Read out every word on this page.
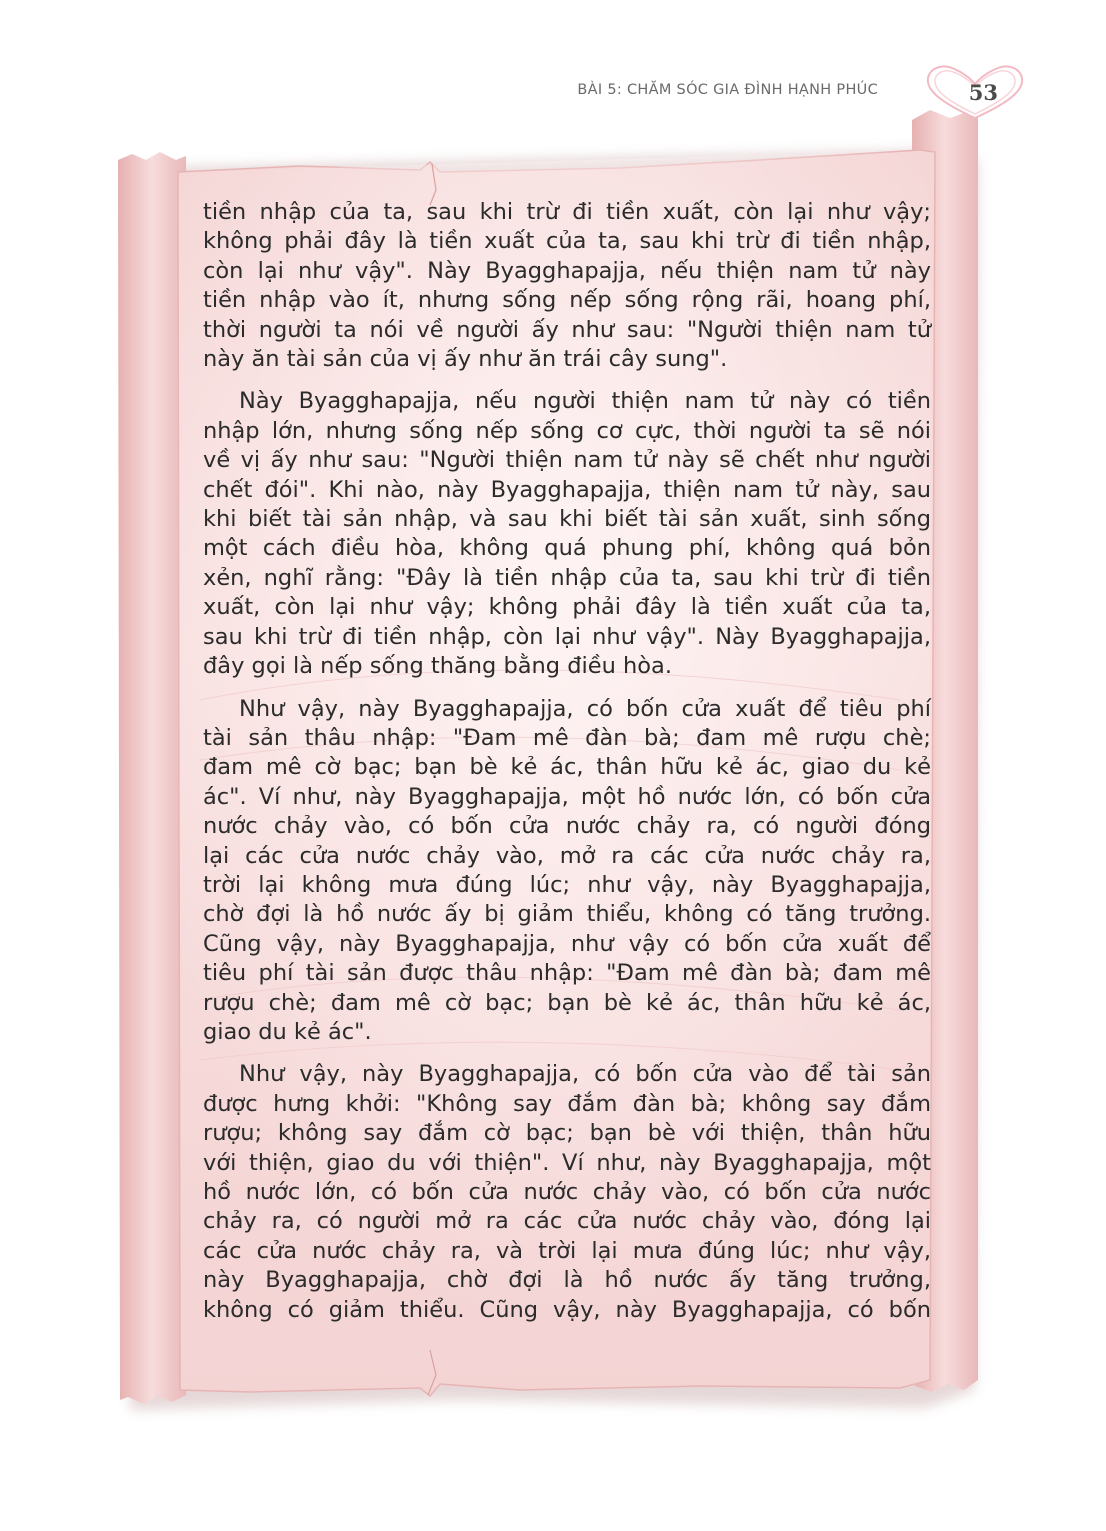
BÀI 5: CHĂM SÓC GIA ĐÌNH HẠNH PHÚC	53

tiền nhập của ta, sau khi trừ đi tiền xuất, còn lại như vậy;
không phải đây là tiền xuất của ta, sau khi trừ đi tiền nhập,
còn lại như vậy". Này Byagghapajja, nếu thiện nam tử này
tiền nhập vào ít, nhưng sống nếp sống rộng rãi, hoang phí,
thời người ta nói về người ấy như sau: "Người thiện nam tử
này ăn tài sản của vị ấy như ăn trái cây sung".

Này Byagghapajja, nếu người thiện nam tử này có tiền
nhập lớn, nhưng sống nếp sống cơ cực, thời người ta sẽ nói
về vị ấy như sau: "Người thiện nam tử này sẽ chết như người
chết đói". Khi nào, này Byagghapajja, thiện nam tử này, sau
khi biết tài sản nhập, và sau khi biết tài sản xuất, sinh sống
một cách điều hòa, không quá phung phí, không quá bỏn
xẻn, nghĩ rằng: "Đây là tiền nhập của ta, sau khi trừ đi tiền
xuất, còn lại như vậy; không phải đây là tiền xuất của ta,
sau khi trừ đi tiền nhập, còn lại như vậy". Này Byagghapajja,
đây gọi là nếp sống thăng bằng điều hòa.

Như vậy, này Byagghapajja, có bốn cửa xuất để tiêu phí
tài sản thâu nhập: "Đam mê đàn bà; đam mê rượu chè;
đam mê cờ bạc; bạn bè kẻ ác, thân hữu kẻ ác, giao du kẻ
ác". Ví như, này Byagghapajja, một hồ nước lớn, có bốn cửa
nước chảy vào, có bốn cửa nước chảy ra, có người đóng
lại các cửa nước chảy vào, mở ra các cửa nước chảy ra,
trời lại không mưa đúng lúc; như vậy, này Byagghapajja,
chờ đợi là hồ nước ấy bị giảm thiểu, không có tăng trưởng.
Cũng vậy, này Byagghapajja, như vậy có bốn cửa xuất để
tiêu phí tài sản được thâu nhập: "Đam mê đàn bà; đam mê
rượu chè; đam mê cờ bạc; bạn bè kẻ ác, thân hữu kẻ ác,
giao du kẻ ác".

Như vậy, này Byagghapajja, có bốn cửa vào để tài sản
được hưng khởi: "Không say đắm đàn bà; không say đắm
rượu; không say đắm cờ bạc; bạn bè với thiện, thân hữu
với thiện, giao du với thiện". Ví như, này Byagghapajja, một
hồ nước lớn, có bốn cửa nước chảy vào, có bốn cửa nước
chảy ra, có người mở ra các cửa nước chảy vào, đóng lại
các cửa nước chảy ra, và trời lại mưa đúng lúc; như vậy,
này Byagghapajja, chờ đợi là hồ nước ấy tăng trưởng,
không có giảm thiểu. Cũng vậy, này Byagghapajja, có bốn
